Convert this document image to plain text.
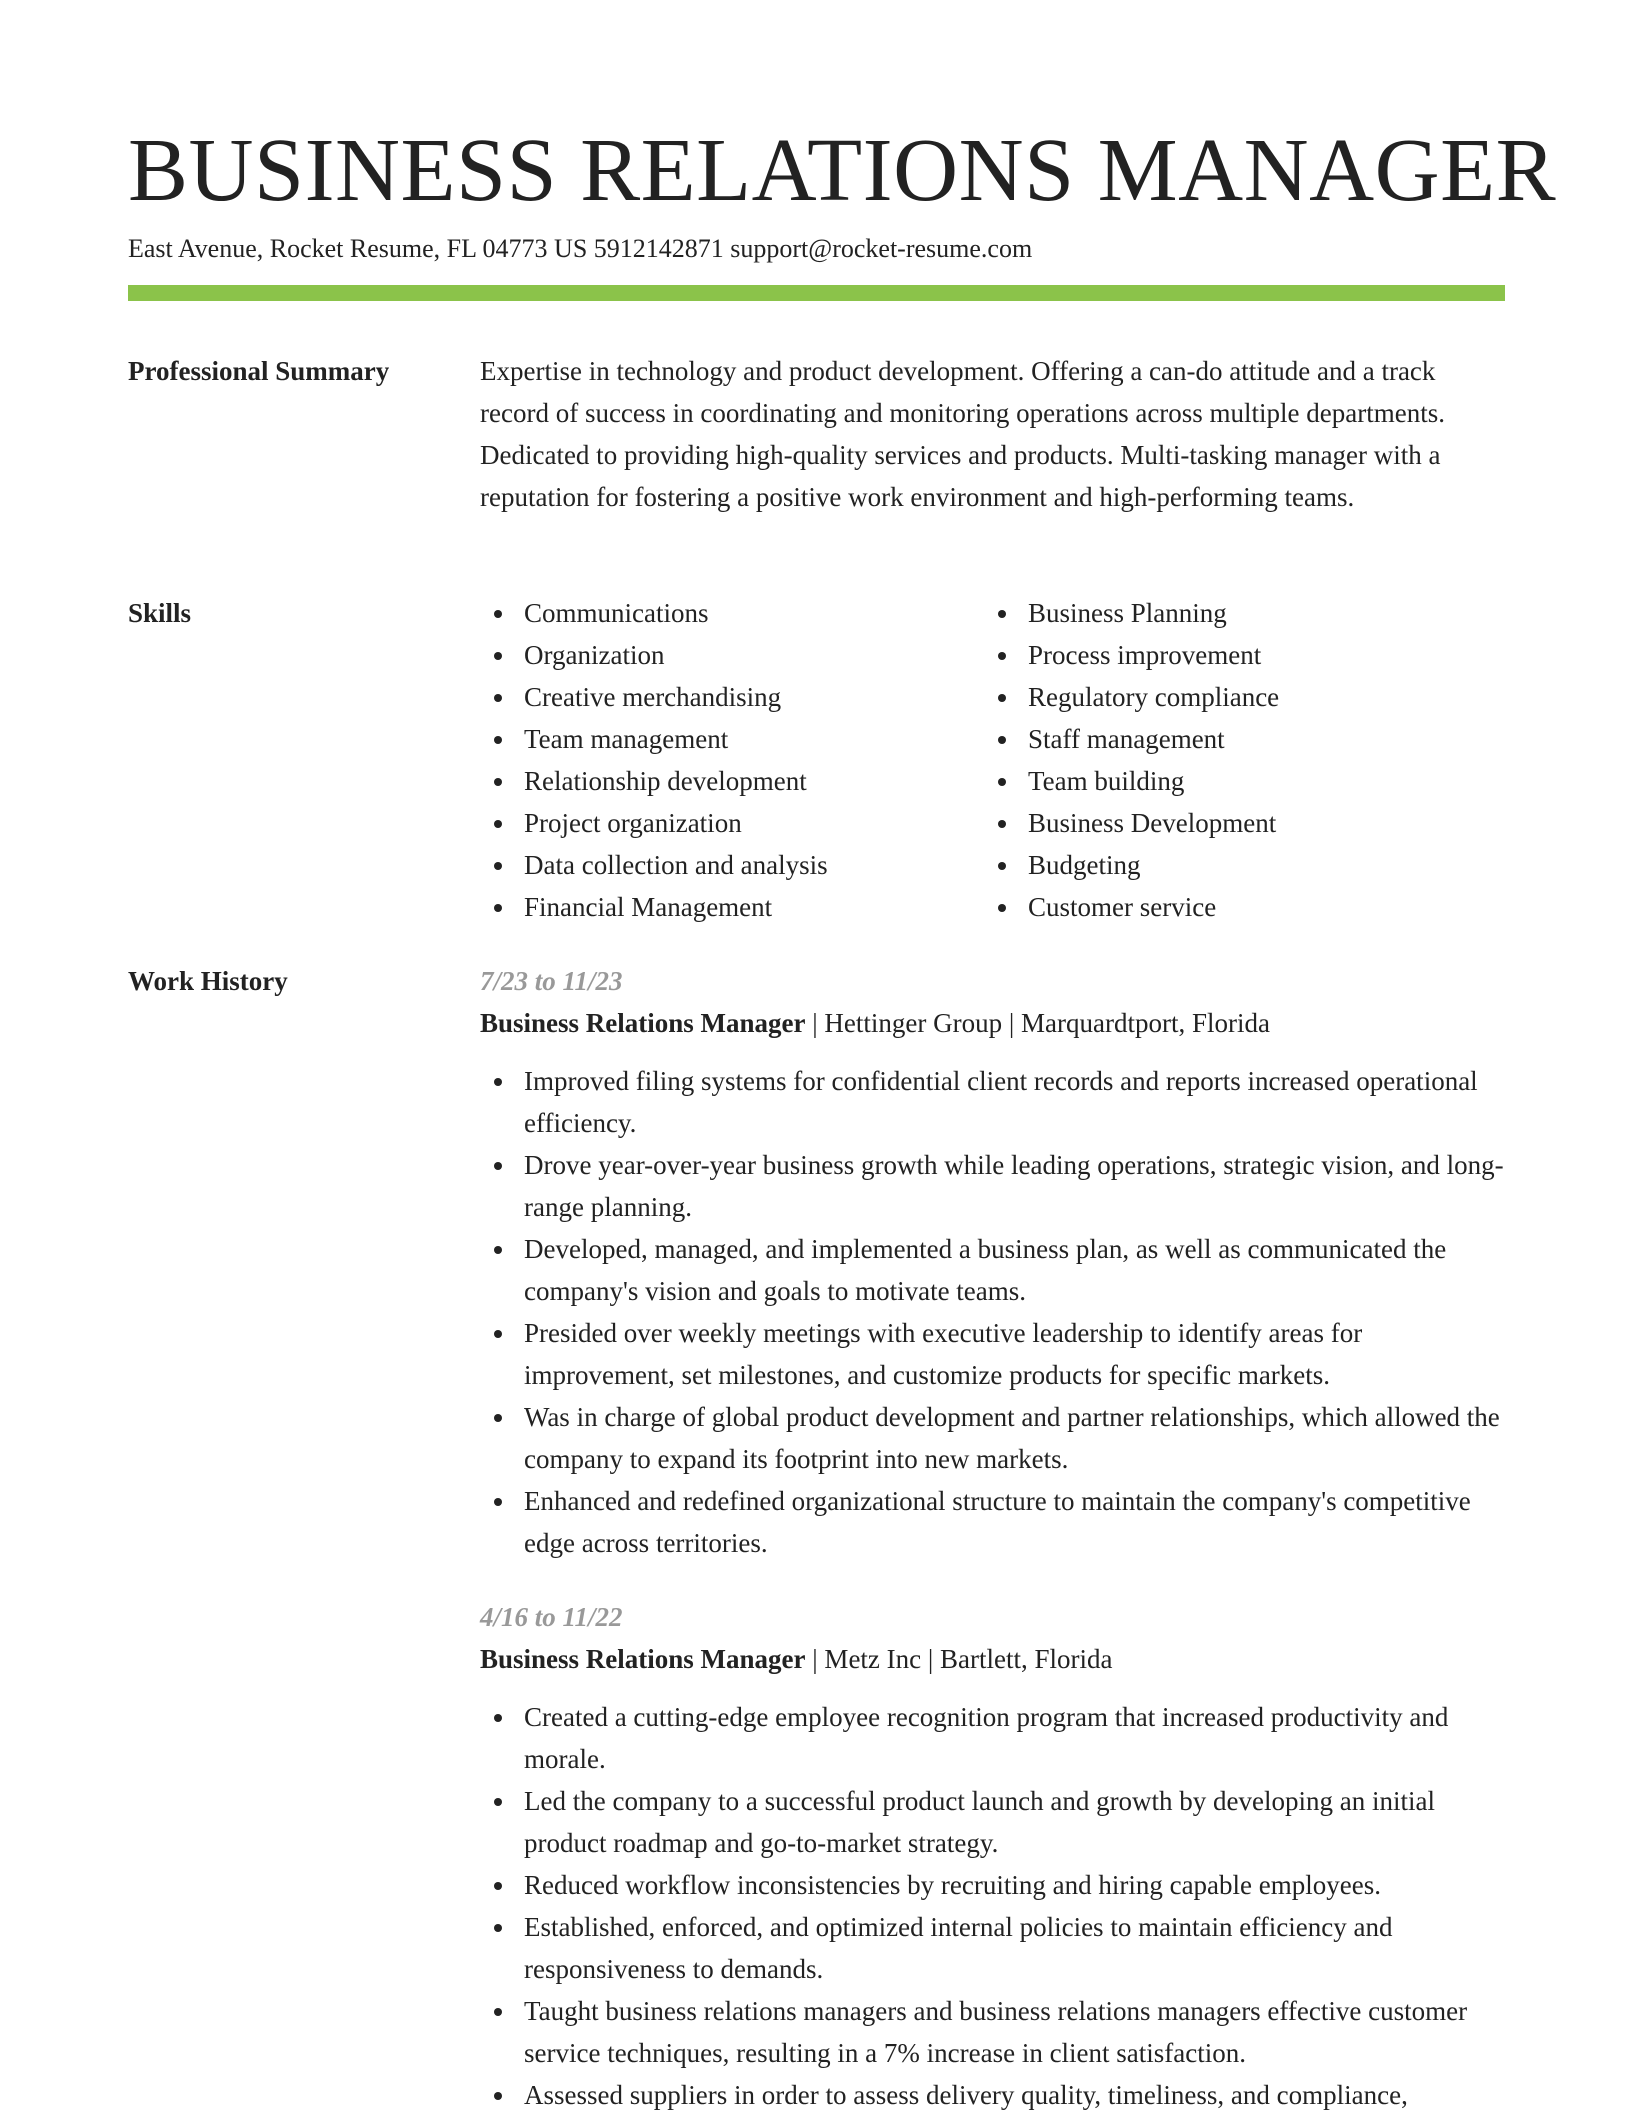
BUSINESS RELATIONS MANAGER
East Avenue, Rocket Resume, FL 04773 US 5912142871 support@rocket-resume.com
Professional Summary	Expertise in technology and product development. Offering a can-do attitude and a track record of success in coordinating and monitoring operations across multiple departments. Dedicated to providing high-quality services and products. Multi-tasking manager with a reputation for fostering a positive work environment and high-performing teams.

Skills	Communications
Organization
Creative merchandising
Team management
Relationship development
Project organization
Data collection and analysis
Financial Management
Business Planning
Process improvement
Regulatory compliance
Staff management
Team building
Business Development
Budgeting
Customer service
Work History	7/23 to 11/23
Business Relations Manager | Hettinger Group | Marquardtport, Florida
Improved filing systems for confidential client records and reports increased operational efficiency.
Drove year-over-year business growth while leading operations, strategic vision, and long-range planning.
Developed, managed, and implemented a business plan, as well as communicated the company's vision and goals to motivate teams.
Presided over weekly meetings with executive leadership to identify areas for improvement, set milestones, and customize products for specific markets.
Was in charge of global product development and partner relationships, which allowed the company to expand its footprint into new markets.
Enhanced and redefined organizational structure to maintain the company's competitive edge across territories.
4/16 to 11/22
Business Relations Manager | Metz Inc | Bartlett, Florida
Created a cutting-edge employee recognition program that increased productivity and morale.
Led the company to a successful product launch and growth by developing an initial product roadmap and go-to-market strategy.
Reduced workflow inconsistencies by recruiting and hiring capable employees.
Established, enforced, and optimized internal policies to maintain efficiency and responsiveness to demands.
Taught business relations managers and business relations managers effective customer service techniques, resulting in a 7% increase in client satisfaction.
Assessed suppliers in order to assess delivery quality, timeliness, and compliance,
